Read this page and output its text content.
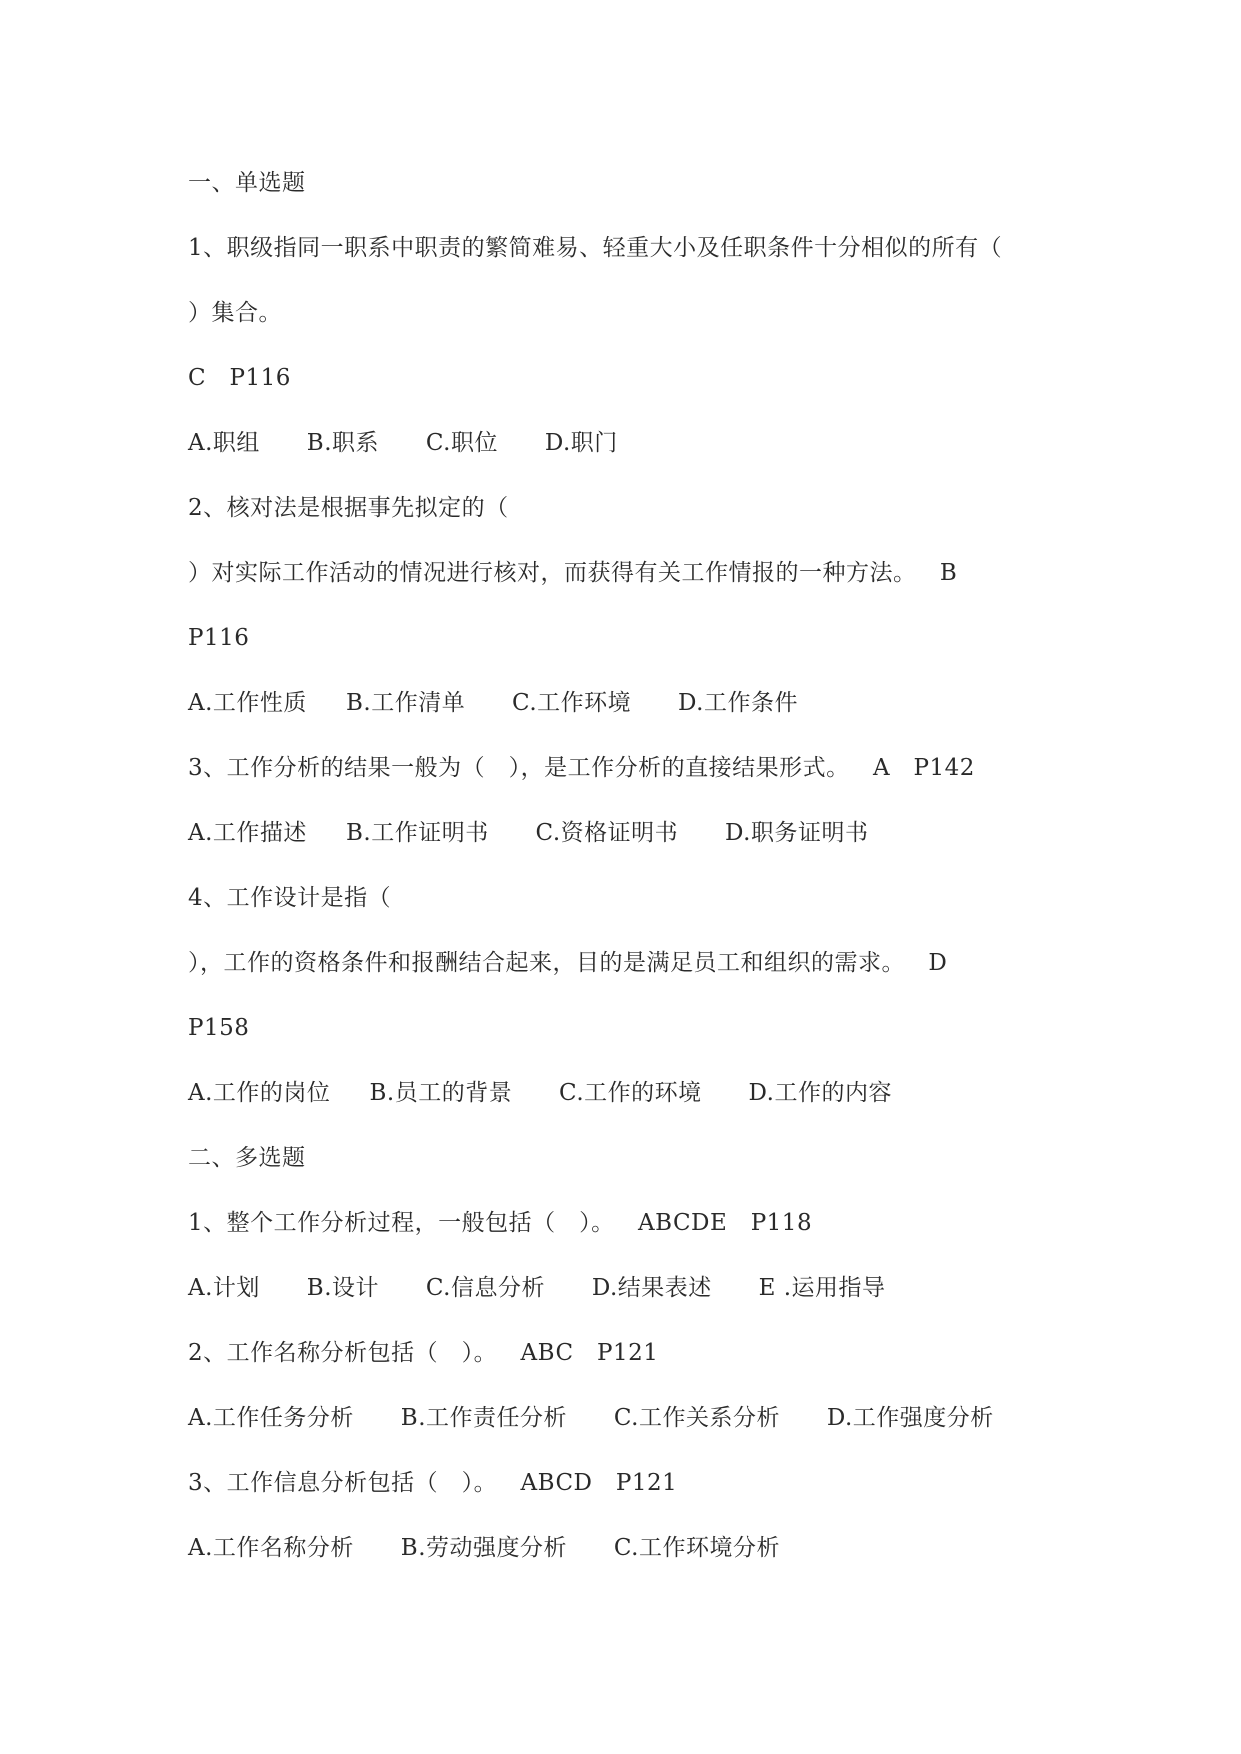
一、单选题
1、职级指同一职系中职责的繁简难易、轻重大小及任职条件十分相似的所有（
）集合。
C   P116
A.职组      B.职系      C.职位      D.职门
2、核对法是根据事先拟定的（
）对实际工作活动的情况进行核对，而获得有关工作情报的一种方法。   B
P116
A.工作性质     B.工作清单      C.工作环境      D.工作条件
3、工作分析的结果一般为（   ），是工作分析的直接结果形式。   A   P142
A.工作描述     B.工作证明书      C.资格证明书      D.职务证明书
4、工作设计是指（
），工作的资格条件和报酬结合起来，目的是满足员工和组织的需求。   D
P158
A.工作的岗位     B.员工的背景      C.工作的环境      D.工作的内容
二、多选题
1、整个工作分析过程，一般包括（   ）。   ABCDE   P118
A.计划      B.设计      C.信息分析      D.结果表述      E .运用指导
2、工作名称分析包括（   ）。   ABC   P121
A.工作任务分析      B.工作责任分析      C.工作关系分析      D.工作强度分析
3、工作信息分析包括（   ）。   ABCD   P121
A.工作名称分析      B.劳动强度分析      C.工作环境分析
